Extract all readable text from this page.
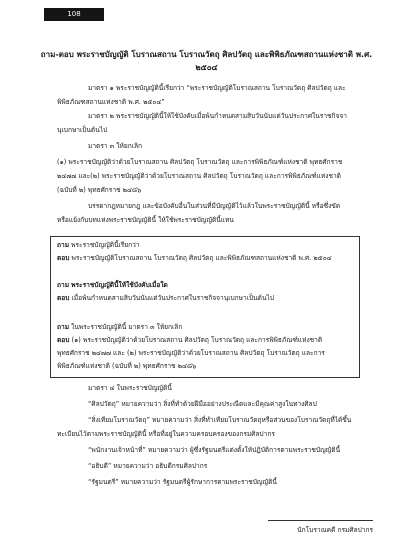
108
ถาม-ตอบ พระราชบัญญัติ โบราณสถาน โบราณวัตถุ ศิลปวัตถุ และพิพิธภัณฑสถานแห่งชาติ พ.ศ.
๒๕๐๔
มาตรา ๑ พระราชบัญญัตินี้เรียกว่า “พระราชบัญญัติโบราณสถาน โบราณวัตถุ ศิลปวัตถุ และ
พิพิธภัณฑสถานแห่งชาติ พ.ศ. ๒๕๐๔”
มาตรา ๒ พระราชบัญญัตินี้ให้ใช้บังคับเมื่อพ้นกำหนดสามสิบวันนับแต่วันประกาศในราชกิจจา
นุเบกษาเป็นต้นไป
มาตรา ๓ ให้ยกเลิก
(๑) พระราชบัญญัติว่าด้วยโบราณสถาน ศิลปวัตถุ โบราณวัตถุ และการพิพิธภัณฑ์แห่งชาติ พุทธศักราช
๒๔๗๗ และ(๒) พระราชบัญญัติว่าด้วยโบราณสถาน ศิลปวัตถุ โบราณวัตถุ และการพิพิธภัณฑ์แห่งชาติ
(ฉบับที่ ๒) พุทธศักราช ๒๔๘๖
บรรดากฎหมายกฎ และข้อบังคับอื่นในส่วนที่มีบัญญัติไว้แล้วในพระราชบัญญัตินี้ หรือซึ่งขัด
หรือแย้งกับบทแห่งพระราชบัญญัตินี้ ให้ใช้พระราชบัญญัตินี้แทน
ถาม พระราชบัญญัตินี้เรียกว่า
ตอบ พระราชบัญญัติโบราณสถาน โบราณวัตถุ ศิลปวัตถุ และพิพิธภัณฑสถานแห่งชาติ พ.ศ. ๒๕๐๔
ถาม พระราชบัญญัตินี้ให้ใช้บังคับเมื่อใด
ตอบ เมื่อพ้นกำหนดสามสิบวันนับแต่วันประกาศในราชกิจจานุเบกษาเป็นต้นไป
ถาม ในพระราชบัญญัตินี้ มาตรา ๓ ให้ยกเลิก
ตอบ (๑) พระราชบัญญัติว่าด้วยโบราณสถาน ศิลปวัตถุ โบราณวัตถุ และการพิพิธภัณฑ์แห่งชาติ
พุทธศักราช ๒๔๗๗ และ (๒) พระราชบัญญัติว่าด้วยโบราณสถาน ศิลปวัตถุ โบราณวัตถุ และการ
พิพิธภัณฑ์แห่งชาติ (ฉบับที่ ๒) พุทธศักราช ๒๔๘๖
มาตรา ๔ ในพระราชบัญญัตินี้
“ศิลปวัตถุ” หมายความว่า สิ่งที่ทำด้วยฝีมืออย่างประณีตและมีคุณค่าสูงในทางศิลป
“สิ่งเทียมโบราณวัตถุ” หมายความว่า สิ่งที่ทำเทียมโบราณวัตถุหรือส่วนของโบราณวัตถุที่ได้ขึ้น
ทะเบียนไว้ตามพระราชบัญญัตินี้ หรือที่อยู่ในความครอบครองของกรมศิลปากร
“พนักงานเจ้าหน้าที่” หมายความว่า ผู้ซึ่งรัฐมนตรีแต่งตั้งให้ปฏิบัติการตามพระราชบัญญัตินี้
“อธิบดี” หมายความว่า อธิบดีกรมศิลปากร
“รัฐมนตรี” หมายความว่า รัฐมนตรีผู้รักษาการตามพระราชบัญญัตินี้
นักโบราณคดี กรมศิลปากร
